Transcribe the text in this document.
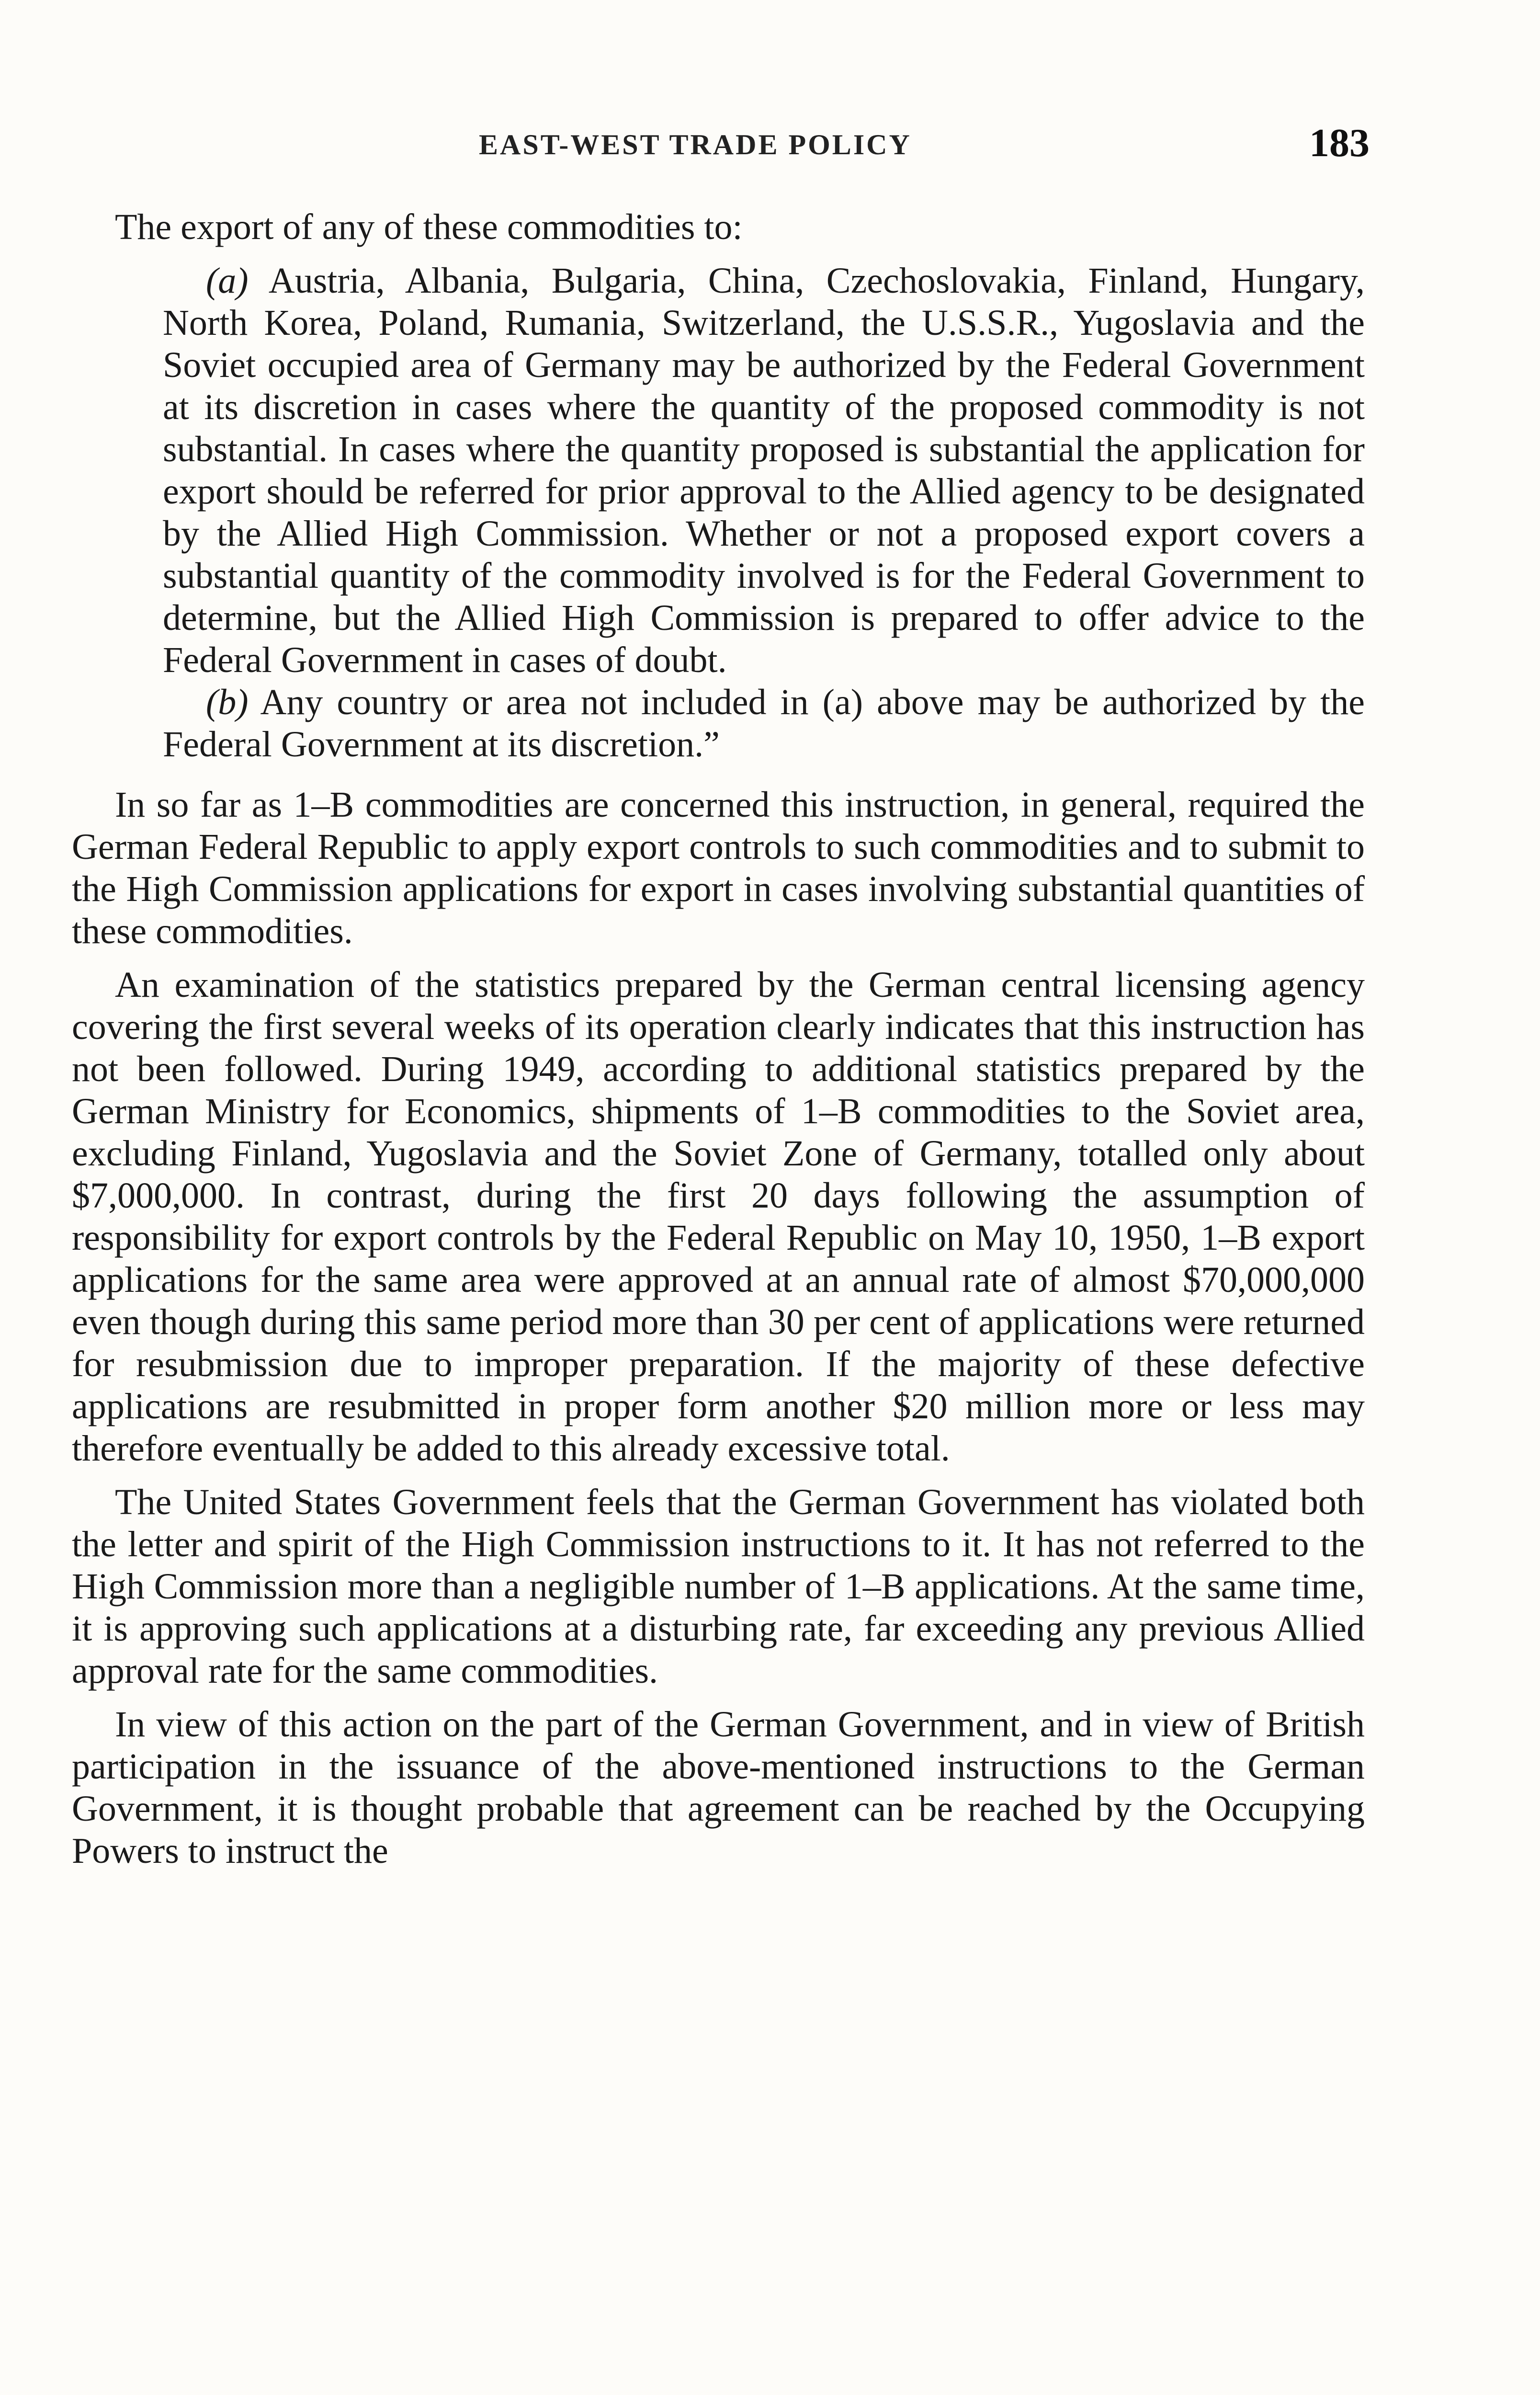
EAST-WEST TRADE POLICY	183

The export of any of these commodities to:

(a) Austria, Albania, Bulgaria, China, Czechoslovakia, Finland, Hungary, North Korea, Poland, Rumania, Switzerland, the U.S.S.R., Yugoslavia and the Soviet occupied area of Germany may be authorized by the Federal Government at its discretion in cases where the quantity of the proposed commodity is not substantial. In cases where the quantity proposed is substantial the application for export should be referred for prior approval to the Allied agency to be designated by the Allied High Commission. Whether or not a proposed export covers a substantial quantity of the commodity involved is for the Federal Government to determine, but the Allied High Commission is prepared to offer advice to the Federal Government in cases of doubt.

(b) Any country or area not included in (a) above may be authorized by the Federal Government at its discretion.”

In so far as 1–B commodities are concerned this instruction, in general, required the German Federal Republic to apply export controls to such commodities and to submit to the High Commission applications for export in cases involving substantial quantities of these commodities.

An examination of the statistics prepared by the German central licensing agency covering the first several weeks of its operation clearly indicates that this instruction has not been followed. During 1949, according to additional statistics prepared by the German Ministry for Economics, shipments of 1–B commodities to the Soviet area, excluding Finland, Yugoslavia and the Soviet Zone of Germany, totalled only about $7,000,000. In contrast, during the first 20 days following the assumption of responsibility for export controls by the Federal Republic on May 10, 1950, 1–B export applications for the same area were approved at an annual rate of almost $70,000,000 even though during this same period more than 30 per cent of applications were returned for resubmission due to improper preparation. If the majority of these defective applications are resubmitted in proper form another $20 million more or less may therefore eventually be added to this already excessive total.

The United States Government feels that the German Government has violated both the letter and spirit of the High Commission instructions to it. It has not referred to the High Commission more than a negligible number of 1–B applications. At the same time, it is approving such applications at a disturbing rate, far exceeding any previous Allied approval rate for the same commodities.

In view of this action on the part of the German Government, and in view of British participation in the issuance of the above-mentioned instructions to the German Government, it is thought probable that agreement can be reached by the Occupying Powers to instruct the
